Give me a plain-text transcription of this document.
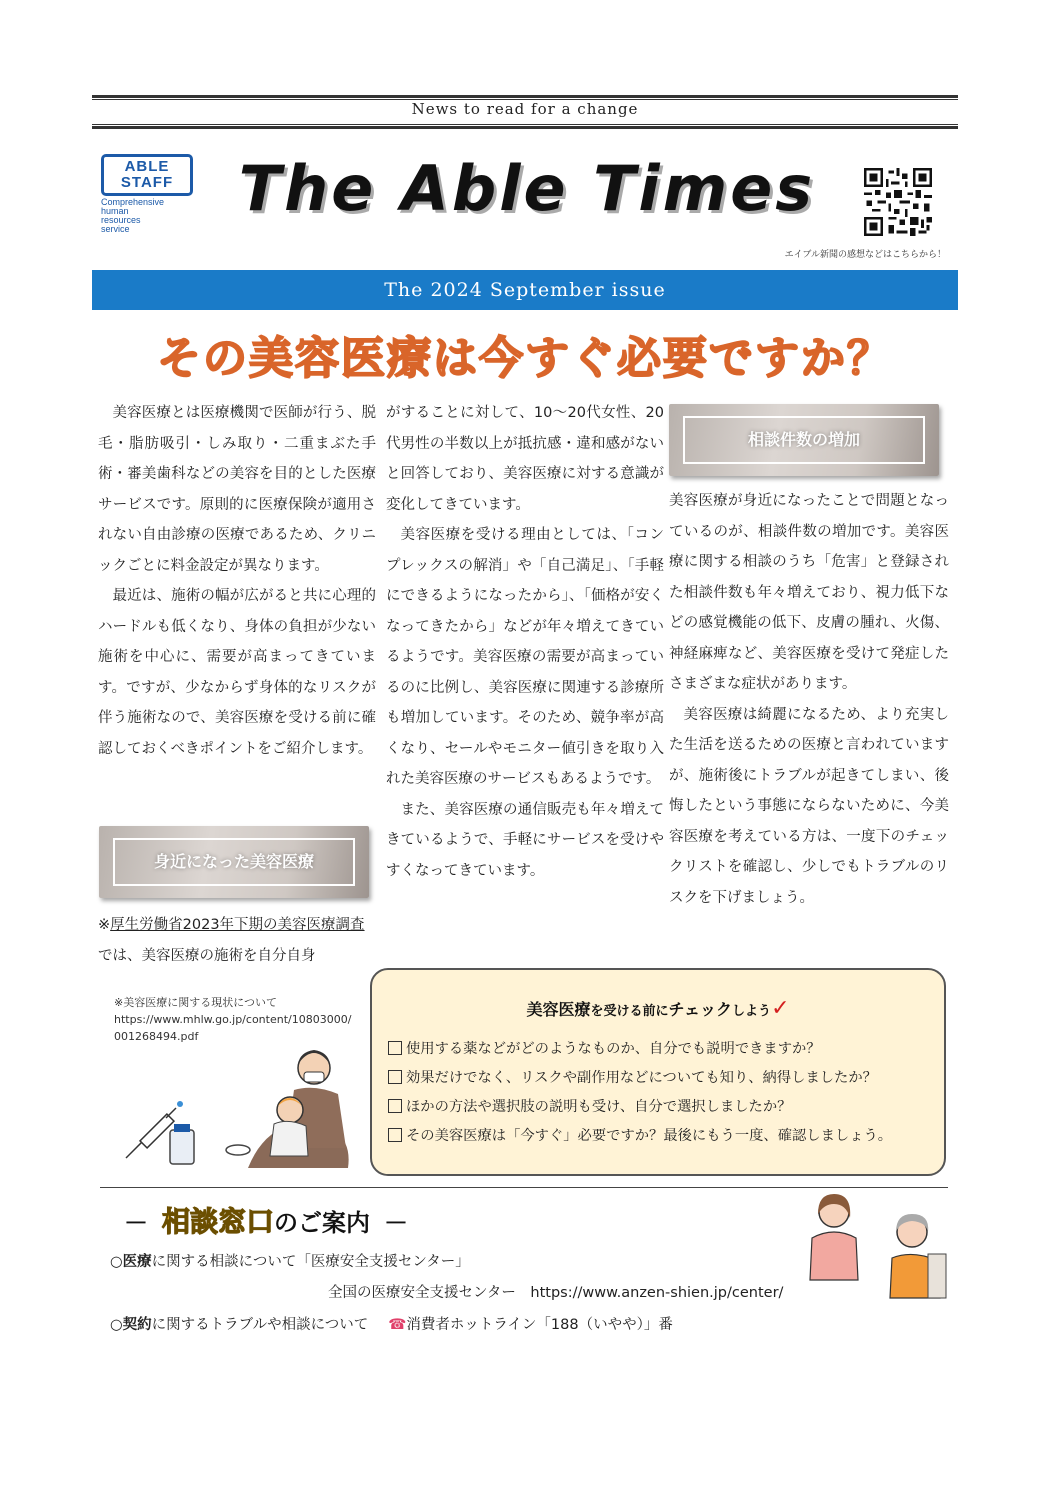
News to read for a change
ABLE
STAFF
Comprehensive
human
resources
service
The Able Times
エイブル新聞の感想などはこちらから！
The 2024 September issue
その美容医療は今すぐ必要ですか？

美容医療とは医療機関で医師が行う、脱毛・脂肪吸引・しみ取り・二重まぶた手術・審美歯科などの美容を目的とした医療サービスです。原則的に医療保険が適用されない自由診療の医療であるため、クリニックごとに料金設定が異なります。

最近は、施術の幅が広がると共に心理的ハードルも低くなり、身体の負担が少ない施術を中心に、需要が高まってきています。ですが、少なからず身体的なリスクが伴う施術なので、美容医療を受ける前に確認しておくべきポイントをご紹介します。

身近になった美容医療
※厚生労働省2023年下期の美容医療調査では、美容医療の施術を自分自身

がすることに対して、10～20代女性、20代男性の半数以上が抵抗感・違和感がないと回答しており、美容医療に対する意識が変化してきています。

美容医療を受ける理由としては、「コンプレックスの解消」や「自己満足」、「手軽にできるようになったから」、「価格が安くなってきたから」などが年々増えてきているようです。美容医療の需要が高まっているのに比例し、美容医療に関連する診療所も増加しています。そのため、競争率が高くなり、セールやモニター値引きを取り入れた美容医療のサービスもあるようです。

また、美容医療の通信販売も年々増えてきているようで、手軽にサービスを受けやすくなってきています。

相談件数の増加

美容医療が身近になったことで問題となっているのが、相談件数の増加です。美容医療に関する相談のうち「危害」と登録された相談件数も年々増えており、視力低下などの感覚機能の低下、皮膚の腫れ、火傷、神経麻痺など、美容医療を受けて発症したさまざまな症状があります。

美容医療は綺麗になるため、より充実した生活を送るための医療と言われていますが、施術後にトラブルが起きてしまい、後悔したという事態にならないために、今美容医療を考えている方は、一度下のチェックリストを確認し、少しでもトラブルのリスクを下げましょう。

※美容医療に関する現状について
https://www.mhlw.go.jp/content/10803000/001268494.pdf
美容医療を受ける前にチェックしよう✓
使用する薬などがどのようなものか、自分でも説明できますか？
効果だけでなく、リスクや副作用などについても知り、納得しましたか？
ほかの方法や選択肢の説明も受け、自分で選択しましたか？
その美容医療は「今すぐ」必要ですか？最後にもう一度、確認しましょう。
－ 相談窓口のご案内 －
○医療に関する相談について「医療安全支援センター」
全国の医療安全支援センター　https://www.anzen-shien.jp/center/
○契約に関するトラブルや相談について ☎消費者ホットライン「188（いやや）」番
